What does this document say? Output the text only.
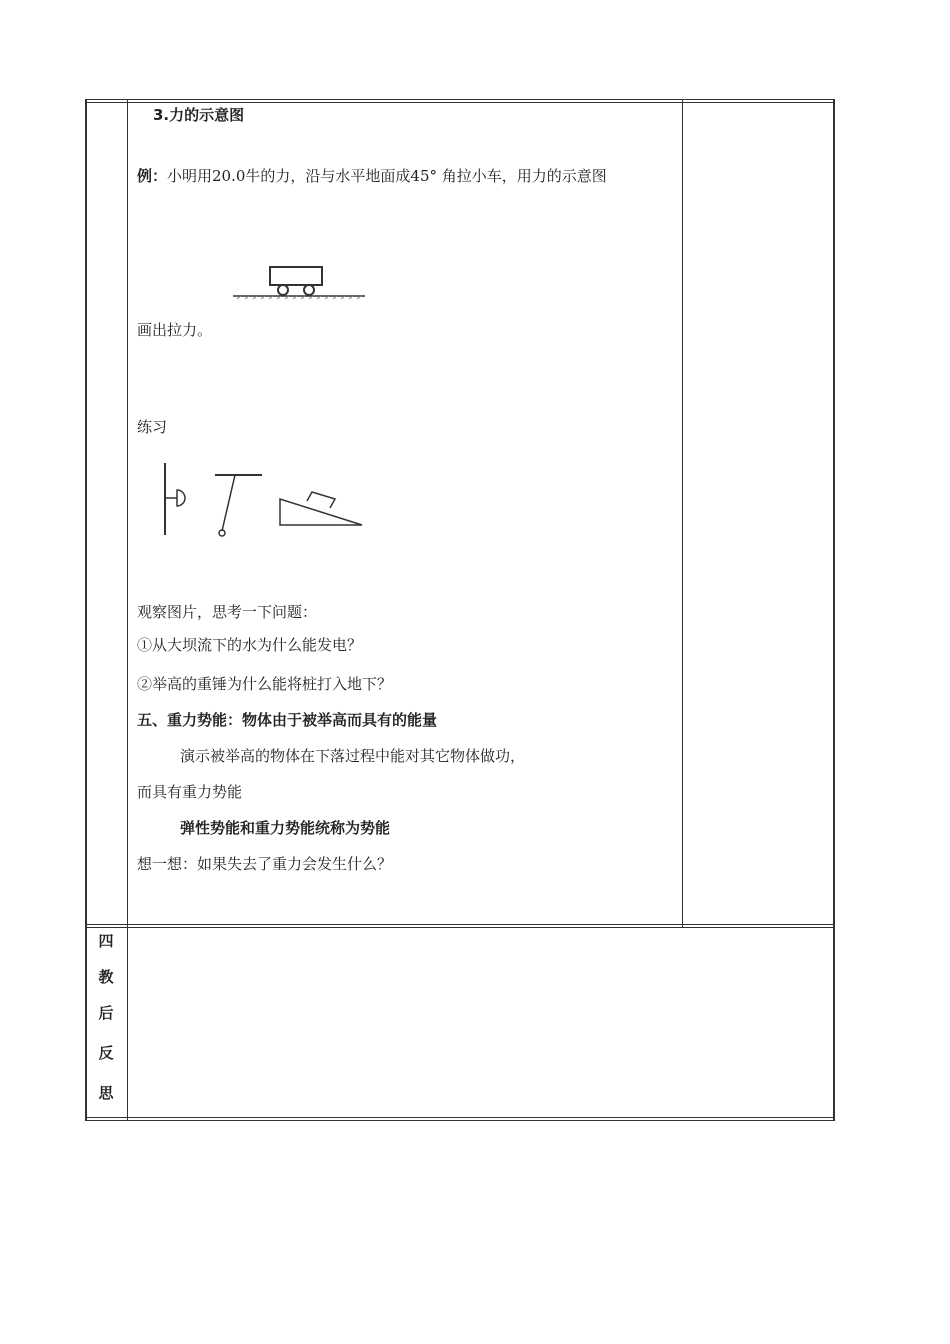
3.力的示意图
例：小明用20.0牛的力，沿与水平地面成45° 角拉小车，用力的示意图
画出拉力。
练习
观察图片，思考一下问题：
①从大坝流下的水为什么能发电？
②举高的重锤为什么能将桩打入地下？
五、重力势能：物体由于被举高而具有的能量
演示被举高的物体在下落过程中能对其它物体做功，
而具有重力势能
弹性势能和重力势能统称为势能
想一想：如果失去了重力会发生什么？
四
教
后
反
思
